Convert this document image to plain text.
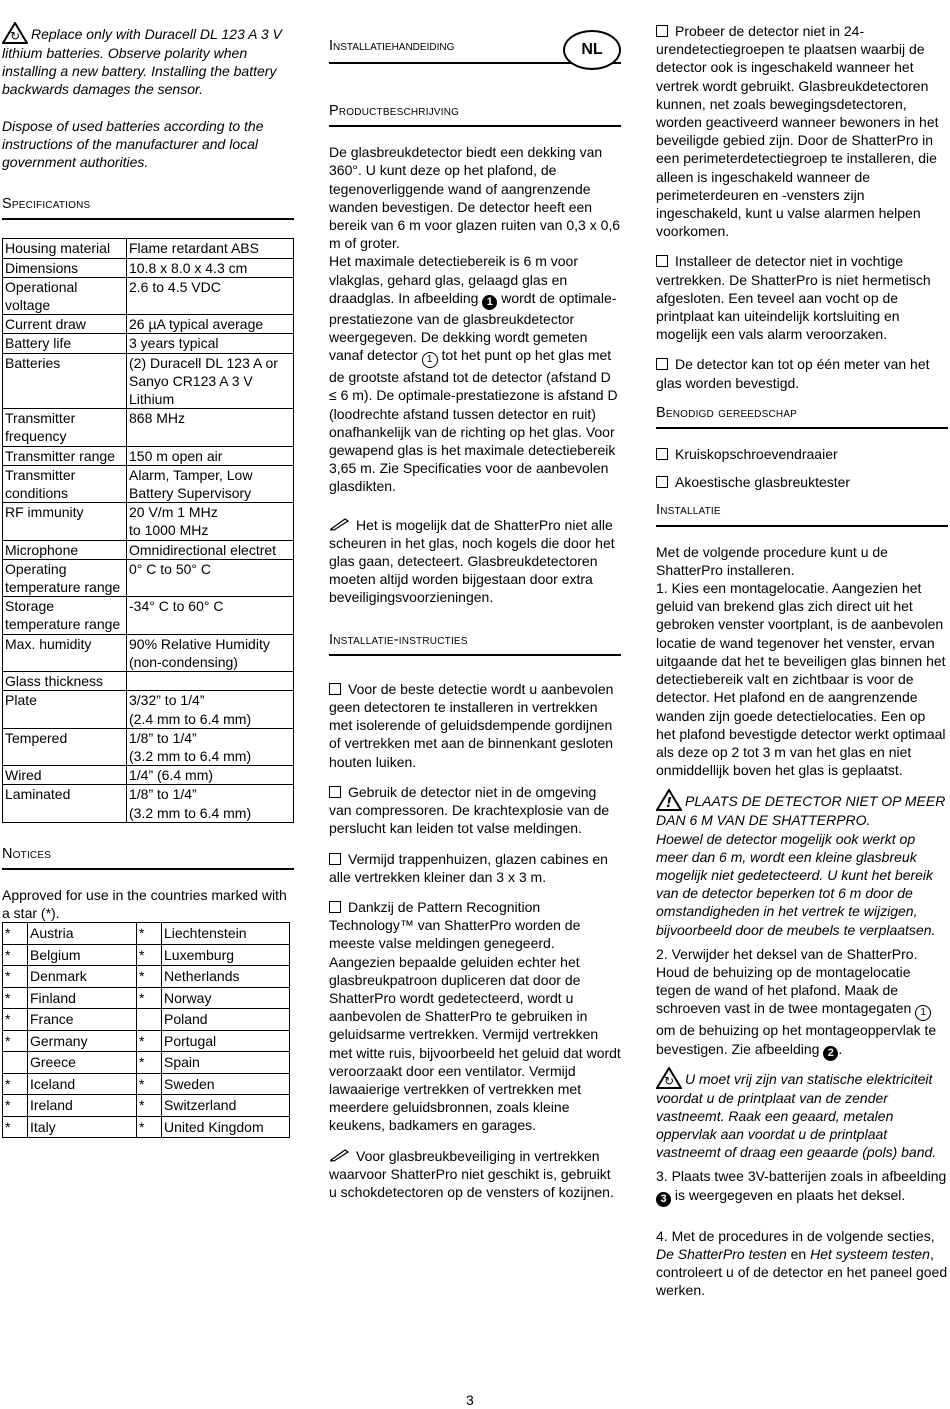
↻ Replace only with Duracell DL 123 A 3 V lithium batteries. Observe polarity when installing a new battery. Installing the battery backwards damages the sensor.

Dispose of used batteries according to the instructions of the manufacturer and local government authorities.

Specifications
Housing material	Flame retardant ABS
Dimensions	10.8 x 8.0 x 4.3 cm
Operational voltage	2.6 to 4.5 VDC
Current draw	26 µA typical average
Battery life	3 years typical
Batteries	(2) Duracell DL 123 A or Sanyo CR123 A 3 V Lithium
Transmitter frequency	868 MHz
Transmitter range	150 m open air
Transmitter conditions	Alarm, Tamper, Low Battery Supervisory
RF immunity	20 V/m 1 MHz
to 1000 MHz
Microphone	Omnidirectional electret
Operating temperature range	0° C to 50° C
Storage temperature range	-34° C to 60° C
Max. humidity	90% Relative Humidity (non-condensing)
Glass thickness	
Plate	3/32” to 1/4”
(2.4 mm to 6.4 mm)
Tempered	1/8” to 1/4”
(3.2 mm to 6.4 mm)
Wired	1/4” (6.4 mm)
Laminated	1/8” to 1/4”
(3.2 mm to 6.4 mm)
Notices

Approved for use in the countries marked with a star (*).

*	Austria	*	Liechtenstein
*	Belgium	*	Luxemburg
*	Denmark	*	Netherlands
*	Finland	*	Norway
*	France		Poland
*	Germany	*	Portugal
	Greece	*	Spain
*	Iceland	*	Sweden
*	Ireland	*	Switzerland
*	Italy	*	United Kingdom
Installatiehandeiding	NL
Productbeschrijving

De glasbreukdetector biedt een dekking van 360°. U kunt deze op het plafond, de tegenoverliggende wand of aangrenzende wanden bevestigen. De detector heeft een bereik van 6 m voor glazen ruiten van 0,3 x 0,6 m of groter.
Het maximale detectiebereik is 6 m voor vlakglas, gehard glas, gelaagd glas en draadglas. In afbeelding 1 wordt de optimale-prestatiezone van de glasbreukdetector weergegeven. De dekking wordt gemeten vanaf detector 1 tot het punt op het glas met de grootste afstand tot de detector (afstand D ≤ 6 m). De optimale-prestatiezone is afstand D (loodrechte afstand tussen detector en ruit) onafhankelijk van de richting op het glas. Voor gewapend glas is het maximale detectiebereik 3,65 m. Zie Specificaties voor de aanbevolen glasdikten.

Het is mogelijk dat de ShatterPro niet alle scheuren in het glas, noch kogels die door het glas gaan, detecteert. Glasbreukdetectoren moeten altijd worden bijgestaan door extra beveiligingsvoorzieningen.

Installatie-instructies

Voor de beste detectie wordt u aanbevolen geen detectoren te installeren in vertrekken met isolerende of geluidsdempende gordijnen of vertrekken met aan de binnenkant gesloten houten luiken.

Gebruik de detector niet in de omgeving van compressoren. De krachtexplosie van de perslucht kan leiden tot valse meldingen.

Vermijd trappenhuizen, glazen cabines en alle vertrekken kleiner dan 3 x 3 m.

Dankzij de Pattern Recognition Technology™ van ShatterPro worden de meeste valse meldingen genegeerd. Aangezien bepaalde geluiden echter het glasbreukpatroon dupliceren dat door de ShatterPro wordt gedetecteerd, wordt u aanbevolen de ShatterPro te gebruiken in geluidsarme vertrekken. Vermijd vertrekken met witte ruis, bijvoorbeeld het geluid dat wordt veroorzaakt door een ventilator. Vermijd lawaaierige vertrekken of vertrekken met meerdere geluidsbronnen, zoals kleine keukens, badkamers en garages.

Voor glasbreukbeveiliging in vertrekken waarvoor ShatterPro niet geschikt is, gebruikt u schokdetectoren op de vensters of kozijnen.

Probeer de detector niet in 24-urendetectiegroepen te plaatsen waarbij de detector ook is ingeschakeld wanneer het vertrek wordt gebruikt. Glasbreukdetectoren kunnen, net zoals bewegingsdetectoren, worden geactiveerd wanneer bewoners in het beveiligde gebied zijn. Door de ShatterPro in een perimeterdetectiegroep te installeren, die alleen is ingeschakeld wanneer de perimeterdeuren en -vensters zijn ingeschakeld, kunt u valse alarmen helpen voorkomen.

Installeer de detector niet in vochtige vertrekken. De ShatterPro is niet hermetisch afgesloten. Een teveel aan vocht op de printplaat kan uiteindelijk kortsluiting en mogelijk een vals alarm veroorzaken.

De detector kan tot op één meter van het glas worden bevestigd.

Benodigd gereedschap

Kruiskopschroevendraaier

Akoestische glasbreuktester

Installatie

Met de volgende procedure kunt u de ShatterPro installeren.
1. Kies een montagelocatie. Aangezien het geluid van brekend glas zich direct uit het gebroken venster voortplant, is de aanbevolen locatie de wand tegenover het venster, ervan uitgaande dat het te beveiligen glas binnen het detectiebereik valt en zichtbaar is voor de detector. Het plafond en de aangrenzende wanden zijn goede detectielocaties. Een op het plafond bevestigde detector werkt optimaal als deze op 2 tot 3 m van het glas en niet onmiddellijk boven het glas is geplaatst.

! PLAATS DE DETECTOR NIET OP MEER DAN 6 M VAN DE SHATTERPRO.
Hoewel de detector mogelijk ook werkt op meer dan 6 m, wordt een kleine glasbreuk mogelijk niet gedetecteerd. U kunt het bereik van de detector beperken tot 6 m door de omstandigheden in het vertrek te wijzigen, bijvoorbeeld door de meubels te verplaatsen.

2. Verwijder het deksel van de ShatterPro. Houd de behuizing op de montagelocatie tegen de wand of het plafond. Maak de schroeven vast in de twee montagegaten 1 om de behuizing op het montageoppervlak te bevestigen. Zie afbeelding 2 .

↻ U moet vrij zijn van statische elektriciteit voordat u de printplaat van de zender vastneemt. Raak een geaard, metalen oppervlak aan voordat u de printplaat vastneemt of draag een geaarde (pols) band.

3. Plaats twee 3V-batterijen zoals in afbeelding 3 is weergegeven en plaats het deksel.

4. Met de procedures in de volgende secties, De ShatterPro testen en Het systeem testen, controleert u of de detector en het paneel goed werken.

3
